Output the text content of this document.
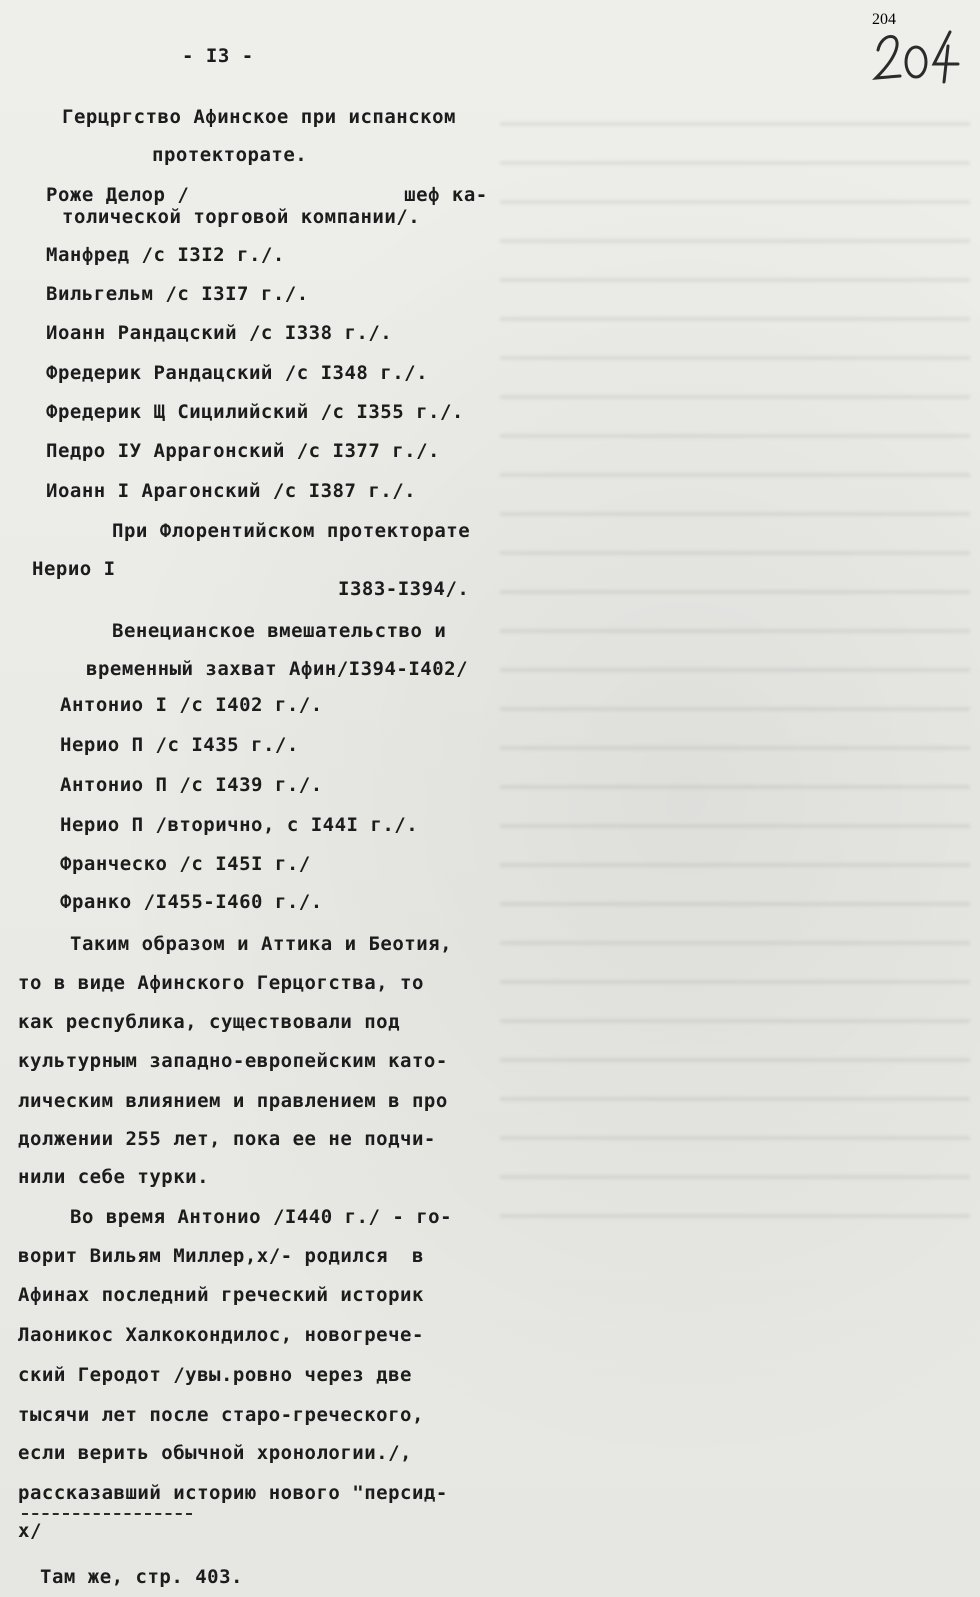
- I3 -
204
Герцргство Афинское при испанском
протекторате.
Роже Делор /                  шеф ка-
толической торговой компании/.
Манфред /с I3I2 г./.
Вильгельм /с I3I7 г./.
Иоанн Рандацский /с I338 г./.
Фредерик Рандацский /с I348 г./.
Фредерик Щ Сицилийский /с I355 г./.
Педро IУ Аррагонский /с I377 г./.
Иоанн I Арагонский /с I387 г./.
При Флорентийском протекторате
Нерио I
I383-I394/.
Венецианское вмешательство и
временный захват Афин/I394-I402/
Антонио I /с I402 г./.
Нерио П /с I435 г./.
Антонио П /с I439 г./.
Нерио П /вторично, с I44I г./.
Франческо /с I45I г./
Франко /I455-I460 г./.
Таким образом и Аттика и Беотия,
то в виде Афинского Герцогства, то
как республика, существовали под
культурным западно-европейским като-
лическим влиянием и правлением в про
должении 255 лет, пока ее не подчи-
нили себе турки.
Во время Антонио /I440 г./ - го-
ворит Вильям Миллер,х/- родился  в
Афинах последний греческий историк
Лаоникос Халкокондилос, новогрече-
ский Геродот /увы.ровно через две
тысячи лет после старо-греческого,
если верить обычной хронологии./,
рассказавший историю нового "персид-
х/
Там же, стр. 403.
